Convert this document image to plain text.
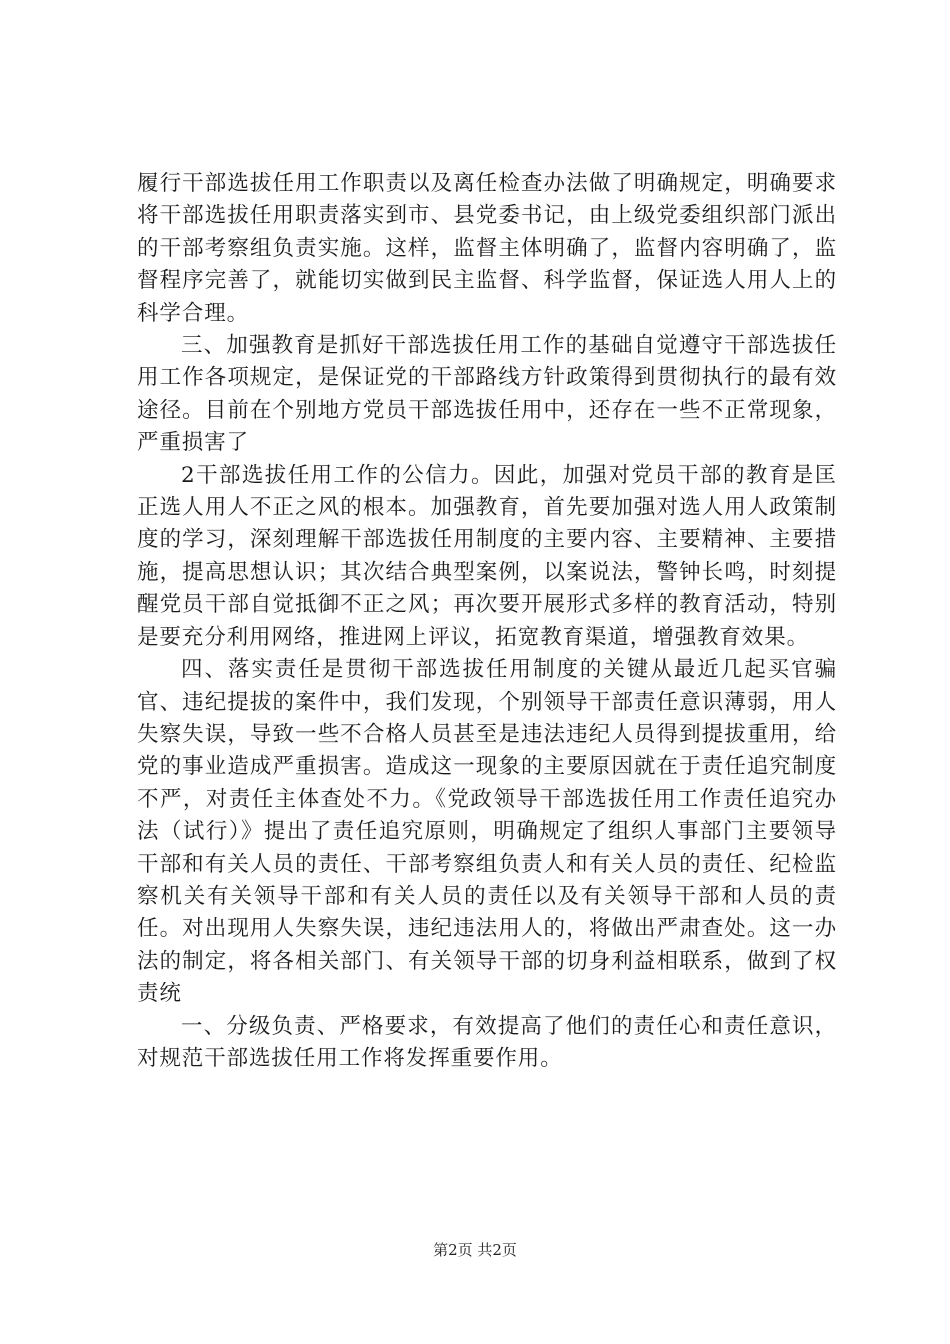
履行干部选拔任用工作职责以及离任检查办法做了明确规定，明确要求将干部选拔任用职责落实到市、县党委书记，由上级党委组织部门派出的干部考察组负责实施。这样，监督主体明确了，监督内容明确了，监督程序完善了，就能切实做到民主监督、科学监督，保证选人用人上的科学合理。

三、加强教育是抓好干部选拔任用工作的基础自觉遵守干部选拔任用工作各项规定，是保证党的干部路线方针政策得到贯彻执行的最有效途径。目前在个别地方党员干部选拔任用中，还存在一些不正常现象，严重损害了

2干部选拔任用工作的公信力。因此，加强对党员干部的教育是匡正选人用人不正之风的根本。加强教育，首先要加强对选人用人政策制度的学习，深刻理解干部选拔任用制度的主要内容、主要精神、主要措施，提高思想认识；其次结合典型案例，以案说法，警钟长鸣，时刻提醒党员干部自觉抵御不正之风；再次要开展形式多样的教育活动，特别是要充分利用网络，推进网上评议，拓宽教育渠道，增强教育效果。

四、落实责任是贯彻干部选拔任用制度的关键从最近几起买官骗官、违纪提拔的案件中，我们发现，个别领导干部责任意识薄弱，用人失察失误，导致一些不合格人员甚至是违法违纪人员得到提拔重用，给党的事业造成严重损害。造成这一现象的主要原因就在于责任追究制度不严，对责任主体查处不力。《党政领导干部选拔任用工作责任追究办法（试行）》提出了责任追究原则，明确规定了组织人事部门主要领导干部和有关人员的责任、干部考察组负责人和有关人员的责任、纪检监察机关有关领导干部和有关人员的责任以及有关领导干部和人员的责任。对出现用人失察失误，违纪违法用人的，将做出严肃查处。这一办法的制定，将各相关部门、有关领导干部的切身利益相联系，做到了权责统

一、分级负责、严格要求，有效提高了他们的责任心和责任意识，对规范干部选拔任用工作将发挥重要作用。

第2页 共2页
